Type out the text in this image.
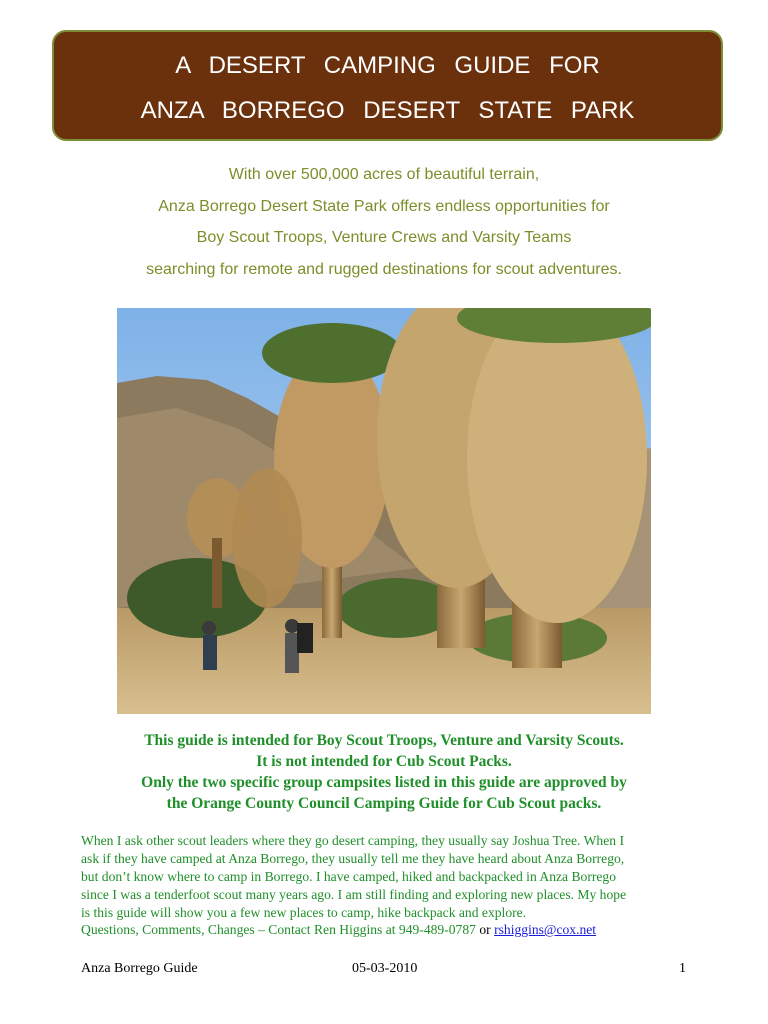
A DESERT CAMPING GUIDE FOR
ANZA BORREGO DESERT STATE PARK
With over 500,000 acres of beautiful terrain,
Anza Borrego Desert State Park offers endless opportunities for
Boy Scout Troops, Venture Crews and Varsity Teams
searching for remote and rugged destinations for scout adventures.
This guide is intended for Boy Scout Troops, Venture and Varsity Scouts.
It is not intended for Cub Scout Packs.
Only the two specific group campsites listed in this guide are approved by
the Orange County Council Camping Guide for Cub Scout packs.
When I ask other scout leaders where they go desert camping, they usually say Joshua Tree. When I
ask if they have camped at Anza Borrego, they usually tell me they have heard about Anza Borrego,
but don’t know where to camp in Borrego. I have camped, hiked and backpacked in Anza Borrego
since I was a tenderfoot scout many years ago. I am still finding and exploring new places. My hope
is this guide will show you a few new places to camp, hike backpack and explore.
Questions, Comments, Changes – Contact Ren Higgins at 949-489-0787 or rshiggins@cox.net
Anza Borrego Guide	05-03-2010	1
